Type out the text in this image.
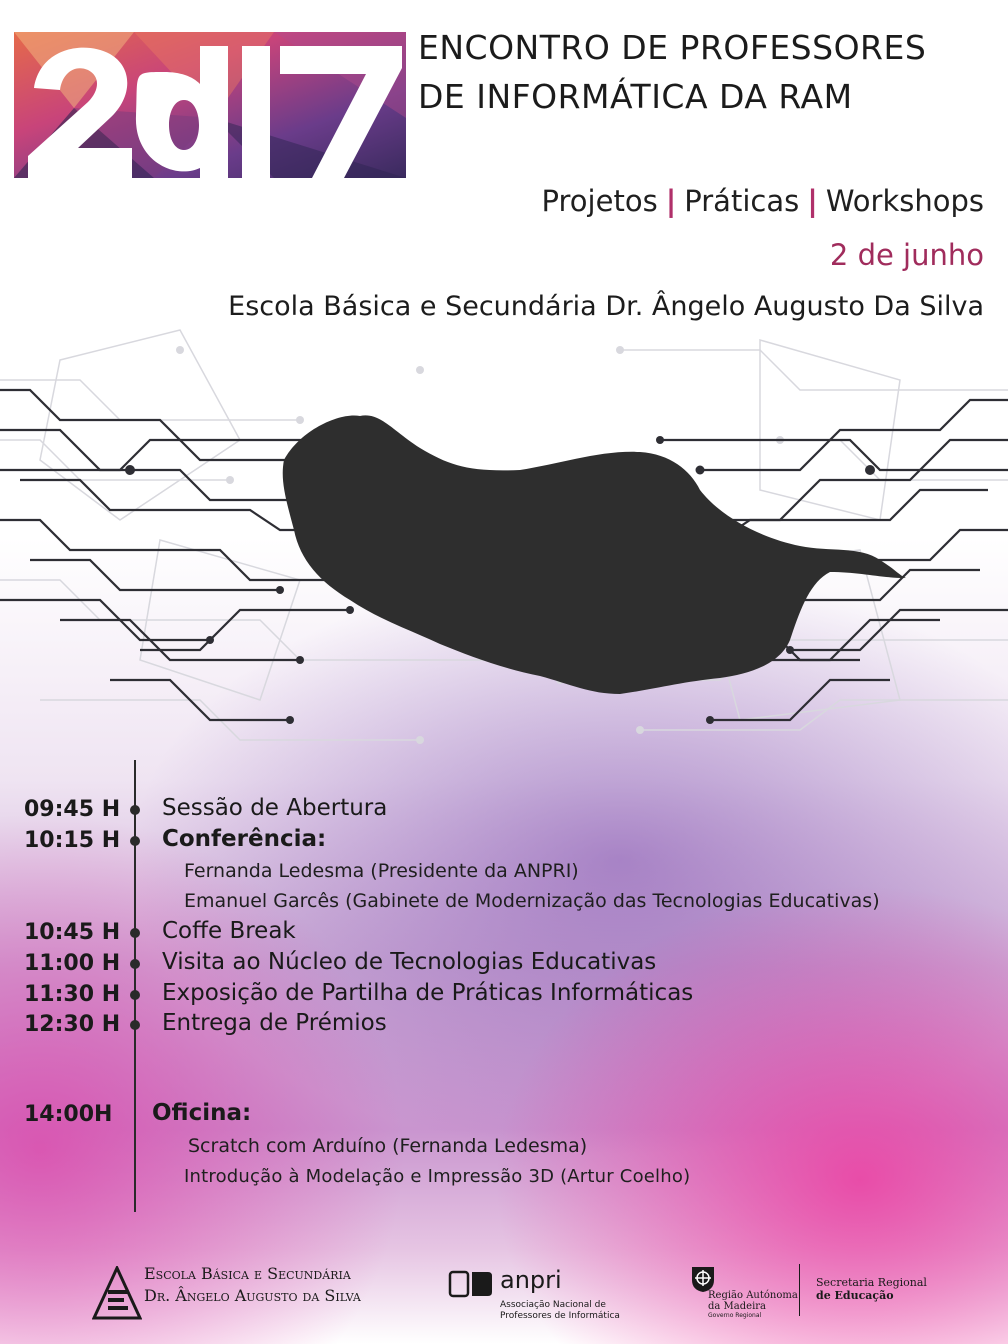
ENCONTRO DE PROFESSORES
DE INFORMÁTICA DA RAM
Projetos | Práticas | Workshops
2 de junho
Escola Básica e Secundária Dr. Ângelo Augusto Da Silva
09:45 H Sessão de Abertura
10:15 H Conferência:
Fernanda Ledesma (Presidente da ANPRI)
Emanuel Garcês (Gabinete de Modernização das Tecnologias Educativas)
10:45 H Coffe Break
11:00 H Visita ao Núcleo de Tecnologias Educativas
11:30 H Exposição de Partilha de Práticas Informáticas
12:30 H Entrega de Prémios
14:00H Oficina:
Scratch com Arduíno (Fernanda Ledesma)
Introdução à Modelação e Impressão 3D (Artur Coelho)
Escola Básica e Secundária
Dr. Ângelo Augusto da Silva
anpri
Associação Nacional de
Professores de Informática
Região Autónoma
da Madeira
Governo Regional
Secretaria Regional
de Educação
